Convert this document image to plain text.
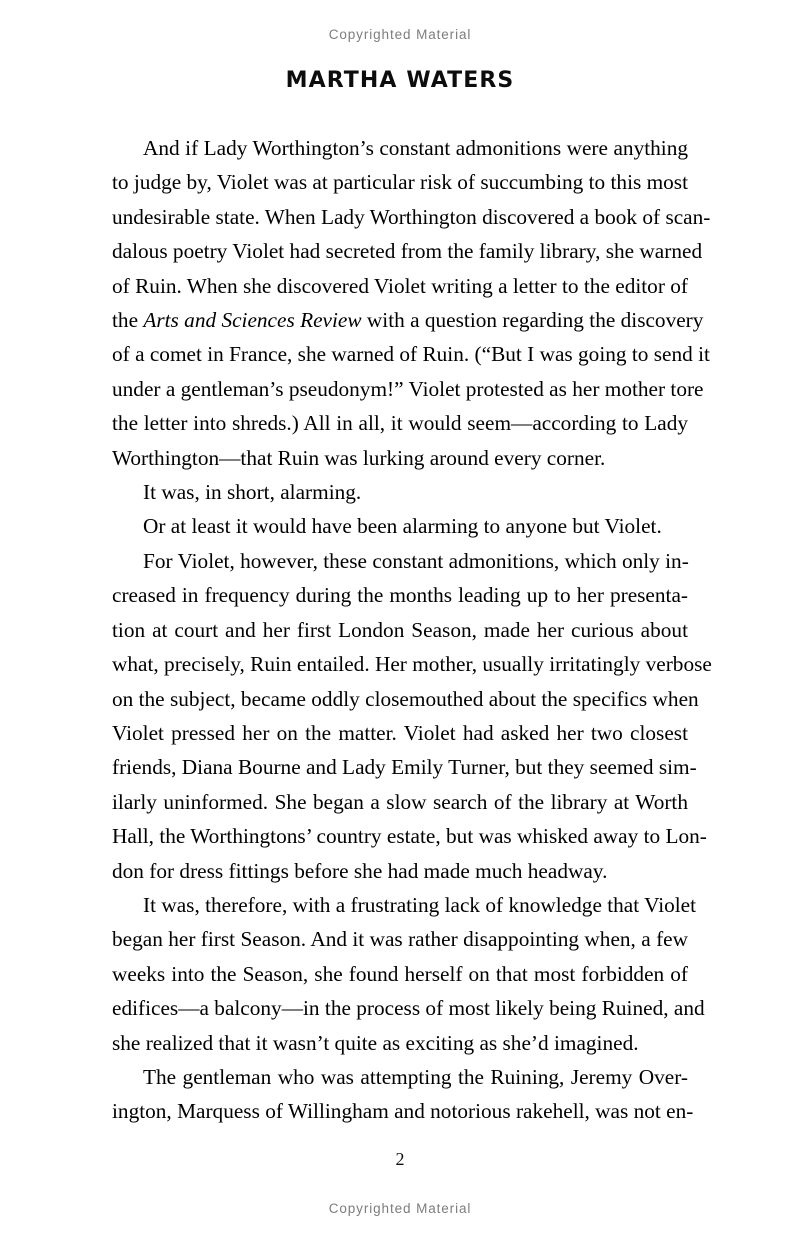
Copyrighted Material
MARTHA WATERS

And if Lady Worthington’s constant admonitions were anything
to judge by, Violet was at particular risk of succumbing to this most
undesirable state. When Lady Worthington discovered a book of scan-
dalous poetry Violet had secreted from the family library, she warned
of Ruin. When she discovered Violet writing a letter to the editor of
the Arts and Sciences Review with a question regarding the discovery
of a comet in France, she warned of Ruin. (“But I was going to send it
under a gentleman’s pseudonym!” Violet protested as her mother tore
the letter into shreds.) All in all, it would seem—according to Lady
Worthington—that Ruin was lurking around every corner.

It was, in short, alarming.

Or at least it would have been alarming to anyone but Violet.

For Violet, however, these constant admonitions, which only in-
creased in frequency during the months leading up to her presenta-
tion at court and her first London Season, made her curious about
what, precisely, Ruin entailed. Her mother, usually irritatingly verbose
on the subject, became oddly closemouthed about the specifics when
Violet pressed her on the matter. Violet had asked her two closest
friends, Diana Bourne and Lady Emily Turner, but they seemed sim-
ilarly uninformed. She began a slow search of the library at Worth
Hall, the Worthingtons’ country estate, but was whisked away to Lon-
don for dress fittings before she had made much headway.

It was, therefore, with a frustrating lack of knowledge that Violet
began her first Season. And it was rather disappointing when, a few
weeks into the Season, she found herself on that most forbidden of
edifices—a balcony—in the process of most likely being Ruined, and
she realized that it wasn’t quite as exciting as she’d imagined.

The gentleman who was attempting the Ruining, Jeremy Over-
ington, Marquess of Willingham and notorious rakehell, was not en-

2
Copyrighted Material
